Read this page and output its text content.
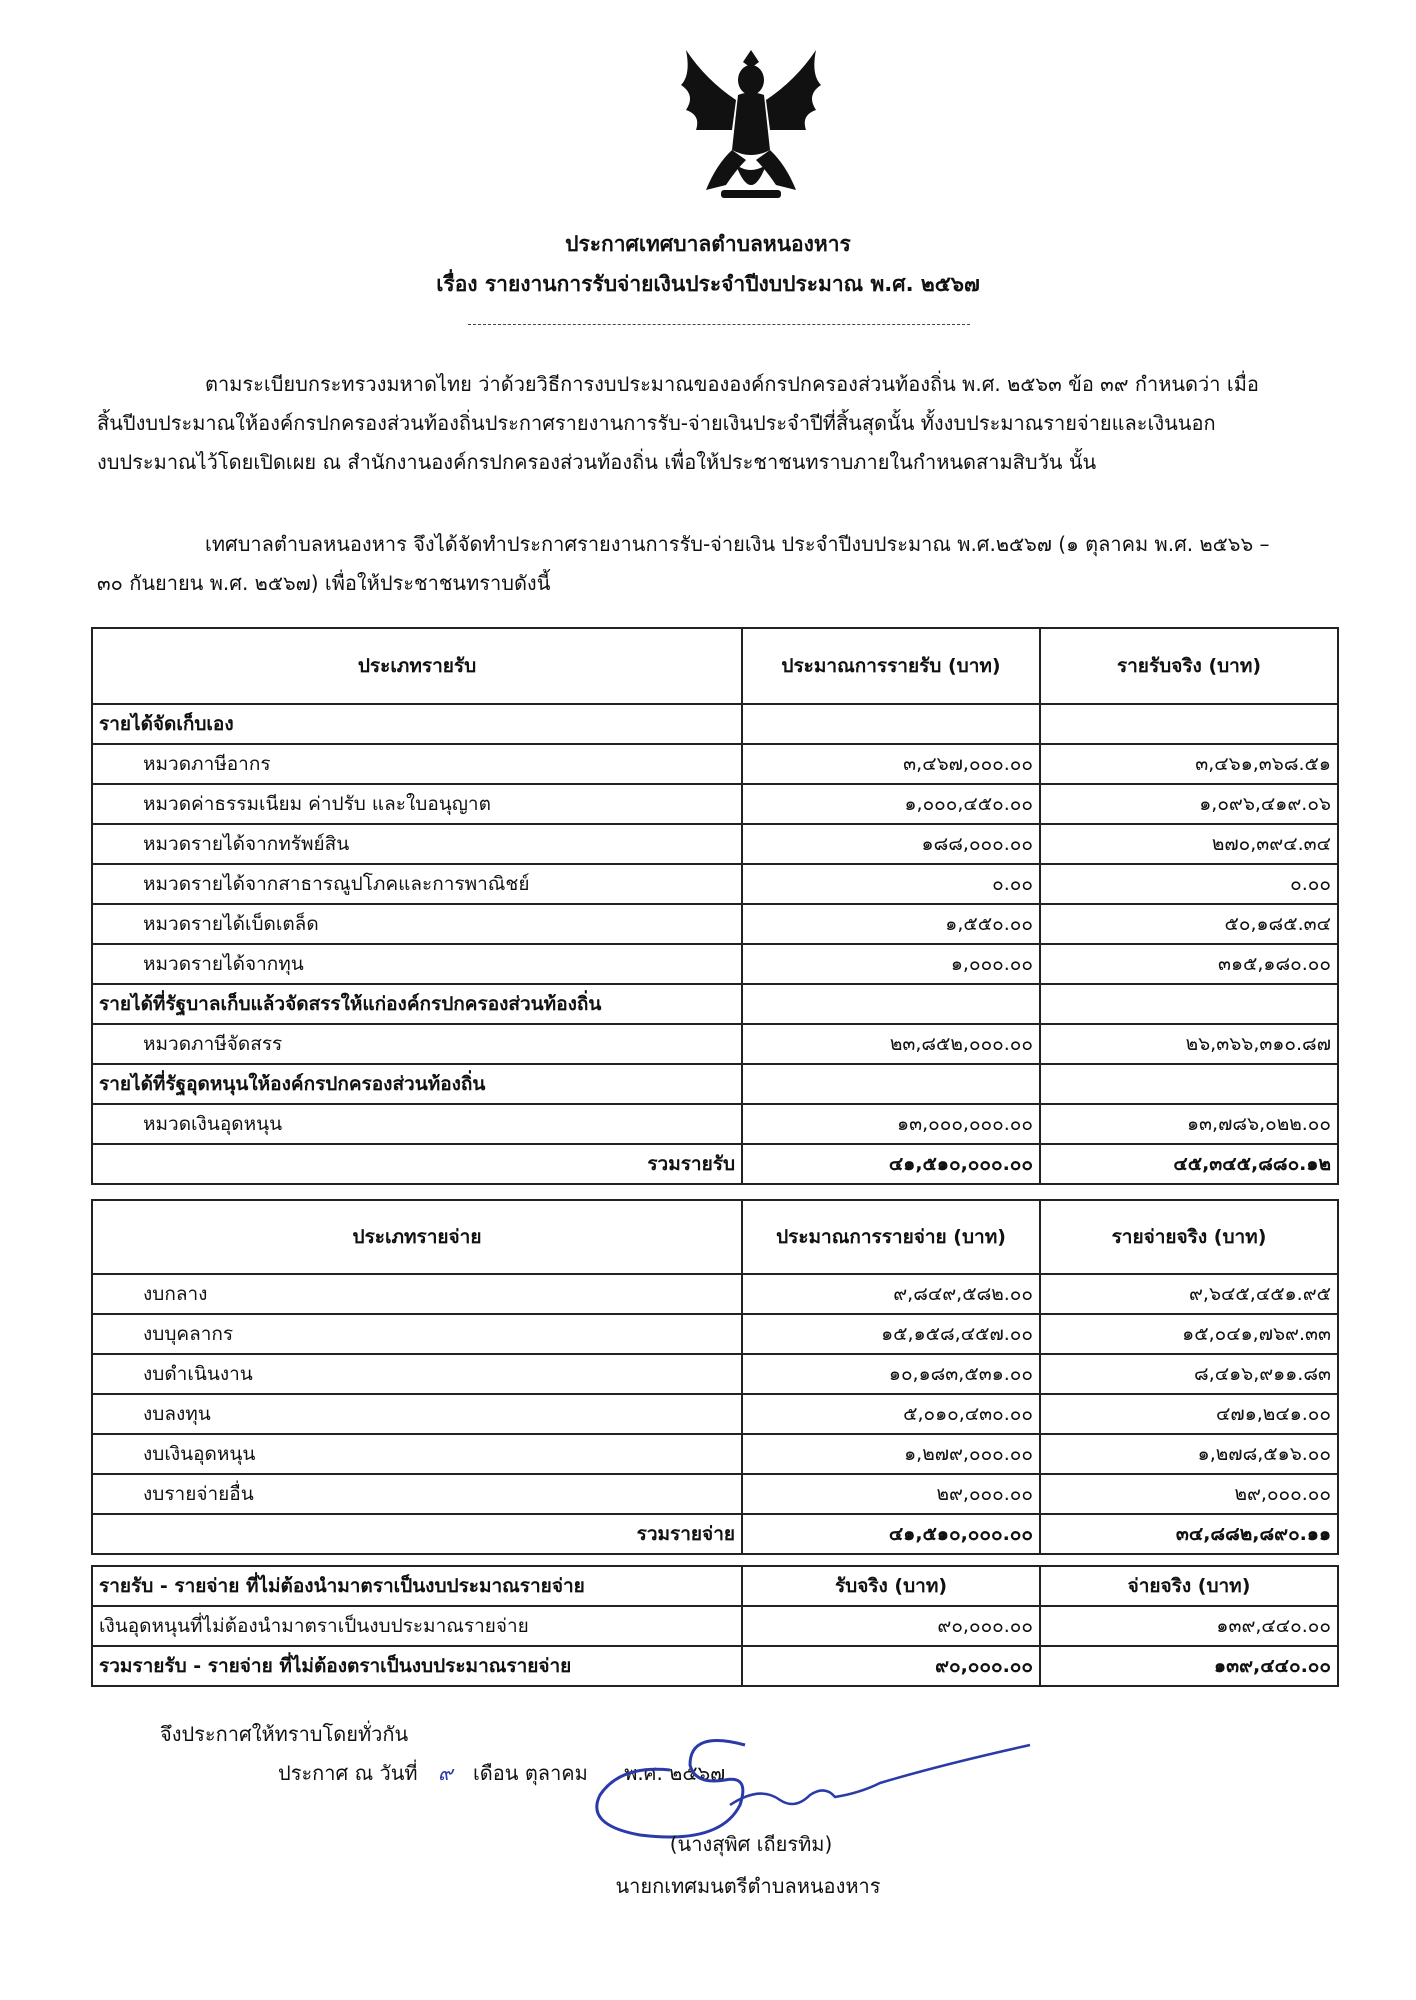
ประกาศเทศบาลตำบลหนองหาร
เรื่อง รายงานการรับจ่ายเงินประจำปีงบประมาณ พ.ศ. ๒๕๖๗

ตามระเบียบกระทรวงมหาดไทย ว่าด้วยวิธีการงบประมาณขององค์กรปกครองส่วนท้องถิ่น พ.ศ. ๒๕๖๓ ข้อ ๓๙ กำหนดว่า เมื่อ

สิ้นปีงบประมาณให้องค์กรปกครองส่วนท้องถิ่นประกาศรายงานการรับ-จ่ายเงินประจำปีที่สิ้นสุดนั้น ทั้งงบประมาณรายจ่ายและเงินนอก

งบประมาณไว้โดยเปิดเผย ณ สำนักงานองค์กรปกครองส่วนท้องถิ่น เพื่อให้ประชาชนทราบภายในกำหนดสามสิบวัน นั้น

เทศบาลตำบลหนองหาร จึงได้จัดทำประกาศรายงานการรับ-จ่ายเงิน ประจำปีงบประมาณ พ.ศ.๒๕๖๗ (๑ ตุลาคม พ.ศ. ๒๕๖๖ –

๓๐ กันยายน พ.ศ. ๒๕๖๗) เพื่อให้ประชาชนทราบดังนี้

ประเภทรายรับ	ประมาณการรายรับ (บาท)	รายรับจริง (บาท)
รายได้จัดเก็บเอง		
หมวดภาษีอากร	๓,๔๖๗,๐๐๐.๐๐	๓,๔๖๑,๓๖๘.๕๑
หมวดค่าธรรมเนียม ค่าปรับ และใบอนุญาต	๑,๐๐๐,๔๕๐.๐๐	๑,๐๙๖,๔๑๙.๐๖
หมวดรายได้จากทรัพย์สิน	๑๘๘,๐๐๐.๐๐	๒๗๐,๓๙๔.๓๔
หมวดรายได้จากสาธารณูปโภคและการพาณิชย์	๐.๐๐	๐.๐๐
หมวดรายได้เบ็ดเตล็ด	๑,๕๕๐.๐๐	๕๐,๑๘๕.๓๔
หมวดรายได้จากทุน	๑,๐๐๐.๐๐	๓๑๕,๑๘๐.๐๐
รายได้ที่รัฐบาลเก็บแล้วจัดสรรให้แก่องค์กรปกครองส่วนท้องถิ่น		
หมวดภาษีจัดสรร	๒๓,๘๕๒,๐๐๐.๐๐	๒๖,๓๖๖,๓๑๐.๘๗
รายได้ที่รัฐอุดหนุนให้องค์กรปกครองส่วนท้องถิ่น		
หมวดเงินอุดหนุน	๑๓,๐๐๐,๐๐๐.๐๐	๑๓,๗๘๖,๐๒๒.๐๐
รวมรายรับ	๔๑,๕๑๐,๐๐๐.๐๐	๔๕,๓๔๕,๘๘๐.๑๒
ประเภทรายจ่าย	ประมาณการรายจ่าย (บาท)	รายจ่ายจริง (บาท)
งบกลาง	๙,๘๔๙,๕๘๒.๐๐	๙,๖๔๕,๔๕๑.๙๕
งบบุคลากร	๑๕,๑๕๘,๔๕๗.๐๐	๑๕,๐๔๑,๗๖๙.๓๓
งบดำเนินงาน	๑๐,๑๘๓,๕๓๑.๐๐	๘,๔๑๖,๙๑๑.๘๓
งบลงทุน	๕,๐๑๐,๔๓๐.๐๐	๔๗๑,๒๔๑.๐๐
งบเงินอุดหนุน	๑,๒๗๙,๐๐๐.๐๐	๑,๒๗๘,๕๑๖.๐๐
งบรายจ่ายอื่น	๒๙,๐๐๐.๐๐	๒๙,๐๐๐.๐๐
รวมรายจ่าย	๔๑,๕๑๐,๐๐๐.๐๐	๓๔,๘๘๒,๘๙๐.๑๑
รายรับ - รายจ่าย ที่ไม่ต้องนำมาตราเป็นงบประมาณรายจ่าย	รับจริง (บาท)	จ่ายจริง (บาท)
เงินอุดหนุนที่ไม่ต้องนำมาตราเป็นงบประมาณรายจ่าย	๙๐,๐๐๐.๐๐	๑๓๙,๔๔๐.๐๐
รวมรายรับ - รายจ่าย ที่ไม่ต้องตราเป็นงบประมาณรายจ่าย	๙๐,๐๐๐.๐๐	๑๓๙,๔๔๐.๐๐
จึงประกาศให้ทราบโดยทั่วกัน
ประกาศ ณ วันที่ ๙ เดือน ตุลาคม พ.ศ. ๒๕๖๗
(นางสุพิศ เถียรทิม)
นายกเทศมนตรีตำบลหนองหาร
